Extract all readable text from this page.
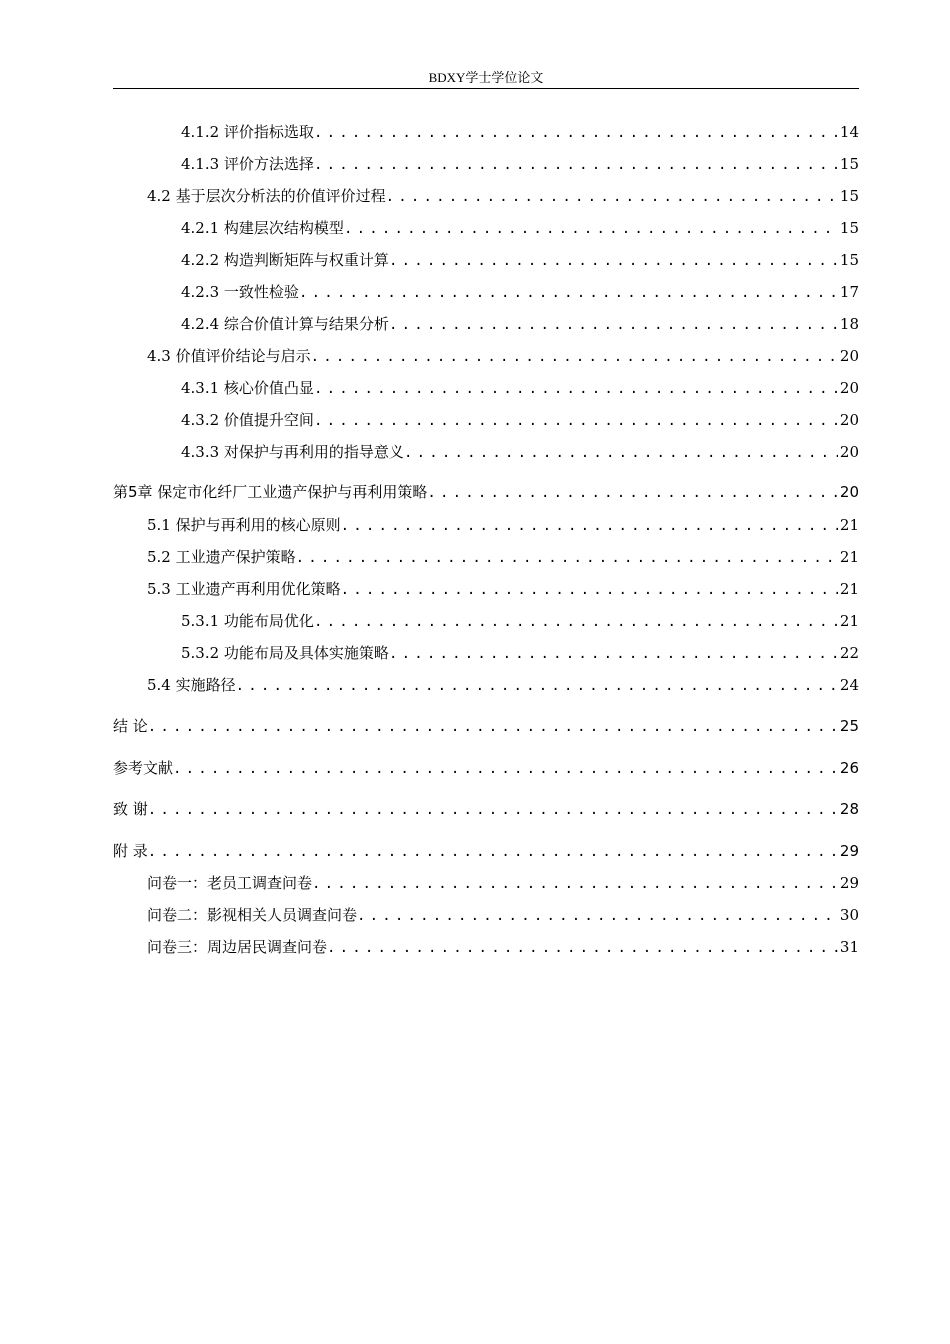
BDXY学士学位论文
4.1.2 评价指标选取 .....	14
4.1.3 评价方法选择 .....	15
4.2 基于层次分析法的价值评价过程 .....	15
4.2.1 构建层次结构模型 .....	15
4.2.2 构造判断矩阵与权重计算 .....	15
4.2.3 一致性检验 .....	17
4.2.4 综合价值计算与结果分析 .....	18
4.3 价值评价结论与启示 .....	20
4.3.1 核心价值凸显 .....	20
4.3.2 价值提升空间 .....	20
4.3.3 对保护与再利用的指导意义 .....	20
第5章 保定市化纤厂工业遗产保护与再利用策略 .....	20
5.1 保护与再利用的核心原则 .....	21
5.2 工业遗产保护策略 .....	21
5.3 工业遗产再利用优化策略 .....	21
5.3.1 功能布局优化 .....	21
5.3.2 功能布局及具体实施策略 .....	22
5.4 实施路径 .....	24
结 论 .....	25
参考文献 .....	26
致 谢 .....	28
附 录 .....	29
问卷一：老员工调查问卷 .....	29
问卷二：影视相关人员调查问卷 .....	30
问卷三：周边居民调查问卷 .....	31
